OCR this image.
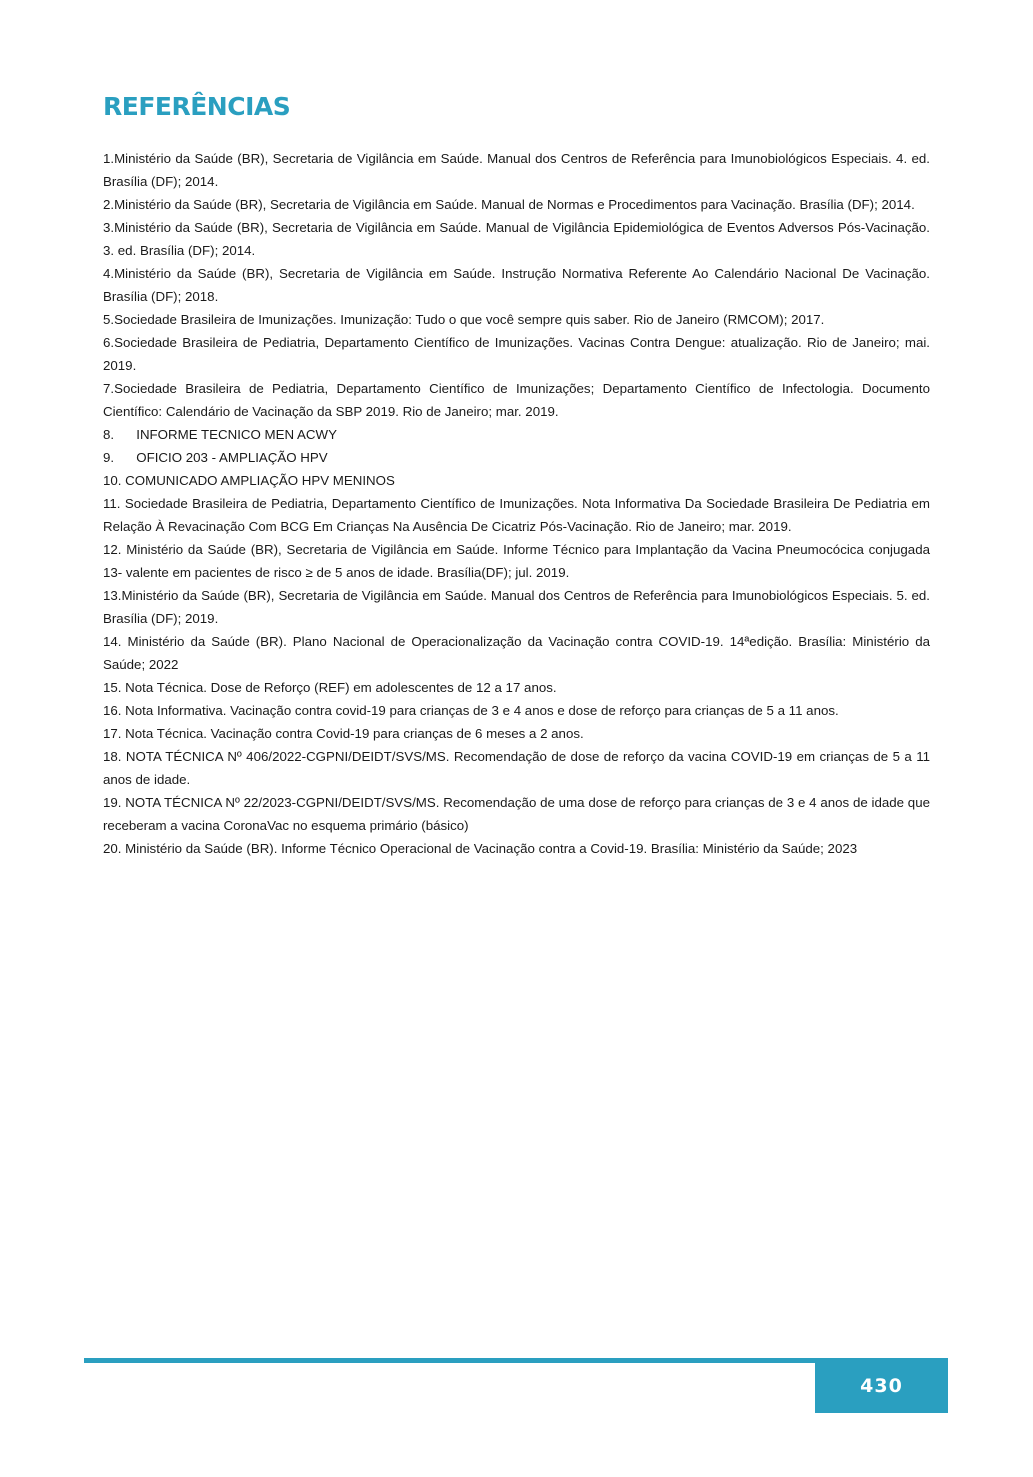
REFERÊNCIAS

1.Ministério da Saúde (BR), Secretaria de Vigilância em Saúde. Manual dos Centros de Referência para Imunobiológicos Especiais. 4. ed. Brasília (DF); 2014.

2.Ministério da Saúde (BR), Secretaria de Vigilância em Saúde. Manual de Normas e Procedimentos para Vacinação. Brasília (DF); 2014.

3.Ministério da Saúde (BR), Secretaria de Vigilância em Saúde. Manual de Vigilância Epidemiológica de Eventos Adversos Pós-Vacinação. 3. ed. Brasília (DF); 2014.

4.Ministério da Saúde (BR), Secretaria de Vigilância em Saúde. Instrução Normativa Referente Ao Calendário Nacional De Vacinação. Brasília (DF); 2018.

5.Sociedade Brasileira de Imunizações. Imunização: Tudo o que você sempre quis saber. Rio de Janeiro (RMCOM); 2017.

6.Sociedade Brasileira de Pediatria, Departamento Científico de Imunizações. Vacinas Contra Dengue: atualização. Rio de Janeiro; mai. 2019.

7.Sociedade Brasileira de Pediatria, Departamento Científico de Imunizações; Departamento Científico de Infectologia. Documento Científico: Calendário de Vacinação da SBP 2019. Rio de Janeiro; mar. 2019.

8.      INFORME TECNICO MEN ACWY

9.      OFICIO 203 - AMPLIAÇÃO HPV

10. COMUNICADO AMPLIAÇÃO HPV MENINOS

11. Sociedade Brasileira de Pediatria, Departamento Científico de Imunizações. Nota Informativa Da Sociedade Brasileira De Pediatria em Relação À Revacinação Com BCG Em Crianças Na Ausência De Cicatriz Pós-Vacinação. Rio de Janeiro; mar. 2019.

12. Ministério da Saúde (BR), Secretaria de Vigilância em Saúde. Informe Técnico para Implantação da Vacina Pneumocócica conjugada 13- valente em pacientes de risco ≥ de 5 anos de idade. Brasília(DF); jul. 2019.

13.Ministério da Saúde (BR), Secretaria de Vigilância em Saúde. Manual dos Centros de Referência para Imunobiológicos Especiais. 5. ed. Brasília (DF); 2019.

14. Ministério da Saúde (BR). Plano Nacional de Operacionalização da Vacinação contra COVID-19. 14ªedição. Brasília: Ministério da Saúde; 2022

15. Nota Técnica. Dose de Reforço (REF) em adolescentes de 12 a 17 anos.

16. Nota Informativa. Vacinação contra covid-19 para crianças de 3 e 4 anos e dose de reforço para crianças de 5 a 11 anos.

17. Nota Técnica. Vacinação contra Covid-19 para crianças de 6 meses a 2 anos.

18. NOTA TÉCNICA Nº 406/2022-CGPNI/DEIDT/SVS/MS. Recomendação de dose de reforço da vacina COVID-19 em crianças de 5 a 11 anos de idade.

19. NOTA TÉCNICA Nº 22/2023-CGPNI/DEIDT/SVS/MS. Recomendação de uma dose de reforço para crianças de 3 e 4 anos de idade que receberam a vacina CoronaVac no esquema primário (básico)

20. Ministério da Saúde (BR). Informe Técnico Operacional de Vacinação contra a Covid-19. Brasília: Ministério da Saúde; 2023

430
